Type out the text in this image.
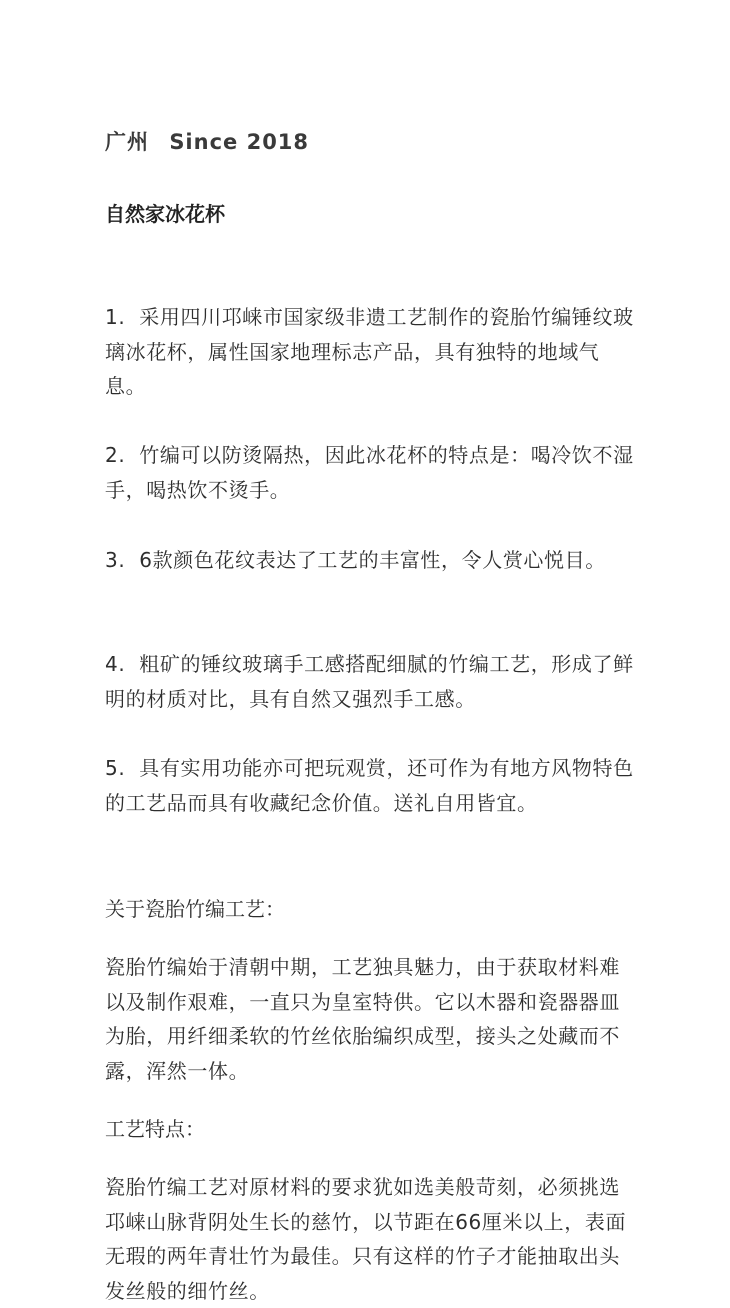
广州 Since 2018
自然家冰花杯

1. 采用四川邛崃市国家级非遗工艺制作的瓷胎竹编锤纹玻璃冰花杯，属性国家地理标志产品，具有独特的地域气息。

2. 竹编可以防烫隔热，因此冰花杯的特点是：喝冷饮不湿手，喝热饮不烫手。

3. 6款颜色花纹表达了工艺的丰富性，令人赏心悦目。

4. 粗矿的锤纹玻璃手工感搭配细腻的竹编工艺，形成了鲜明的材质对比，具有自然又强烈手工感。

5. 具有实用功能亦可把玩观赏，还可作为有地方风物特色的工艺品而具有收藏纪念价值。送礼自用皆宜。

关于瓷胎竹编工艺：

瓷胎竹编始于清朝中期，工艺独具魅力，由于获取材料难以及制作艰难，一直只为皇室特供。它以木器和瓷器器皿为胎，用纤细柔软的竹丝依胎编织成型，接头之处藏而不露，浑然一体。

工艺特点：

瓷胎竹编工艺对原材料的要求犹如选美般苛刻，必须挑选邛崃山脉背阴处生长的慈竹，以节距在66厘米以上，表面无瑕的两年青壮竹为最佳。只有这样的竹子才能抽取出头发丝般的细竹丝。
